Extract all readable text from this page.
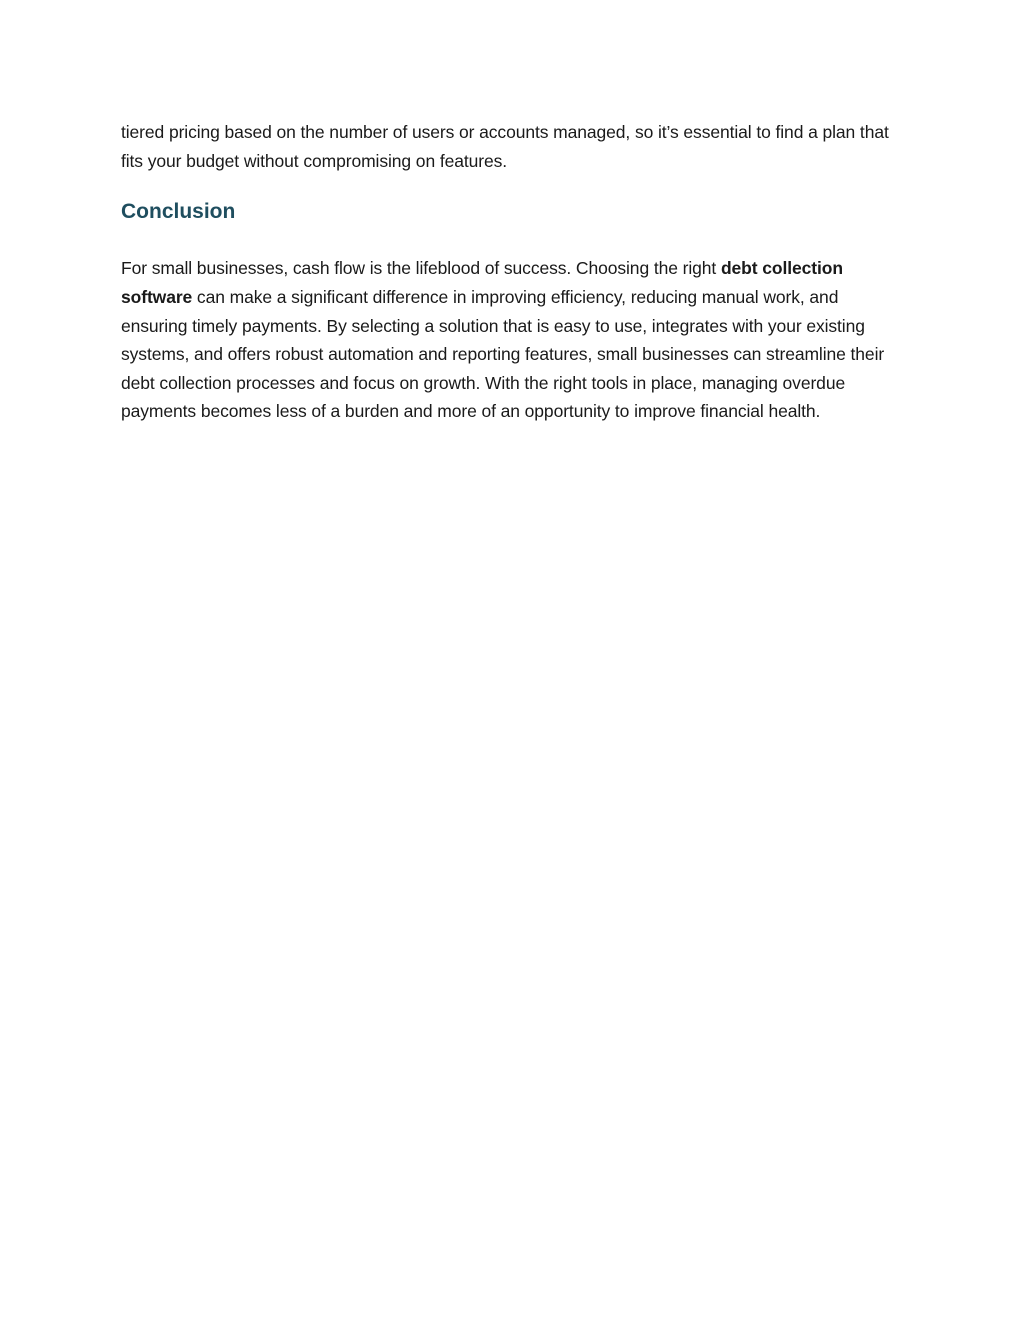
tiered pricing based on the number of users or accounts managed, so it’s essential to find a plan that fits your budget without compromising on features.

Conclusion

For small businesses, cash flow is the lifeblood of success. Choosing the right debt collection software can make a significant difference in improving efficiency, reducing manual work, and ensuring timely payments. By selecting a solution that is easy to use, integrates with your existing systems, and offers robust automation and reporting features, small businesses can streamline their debt collection processes and focus on growth. With the right tools in place, managing overdue payments becomes less of a burden and more of an opportunity to improve financial health.
